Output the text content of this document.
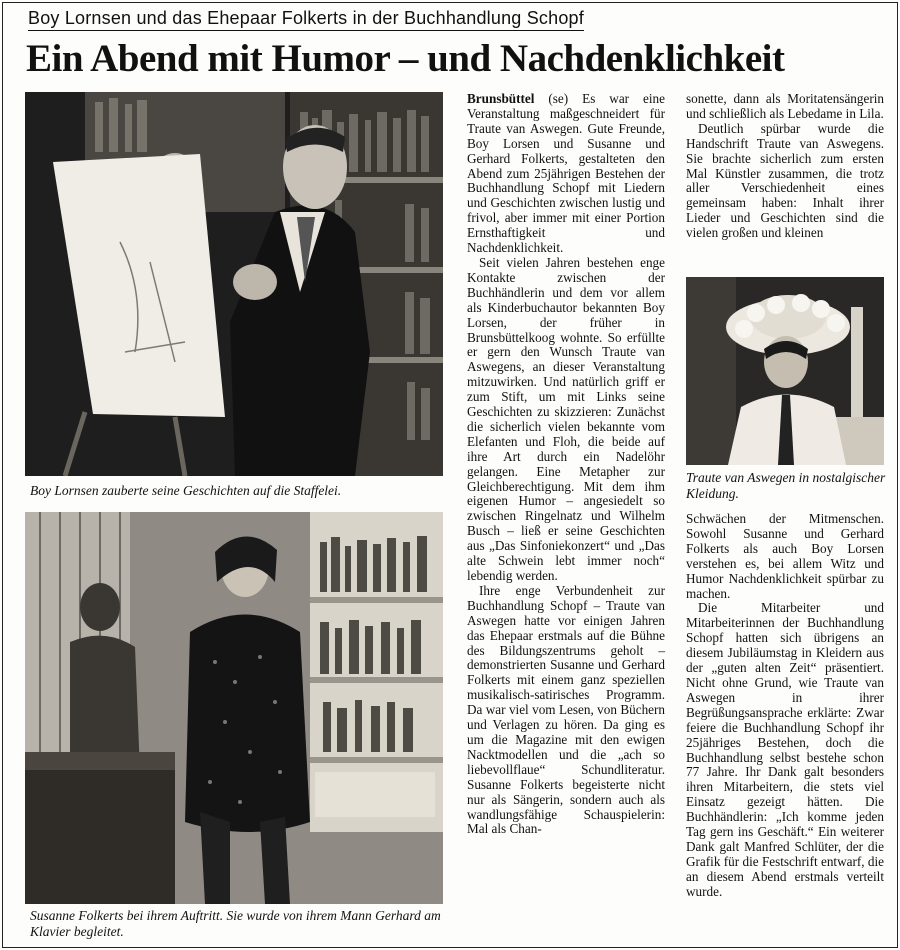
Boy Lornsen und das Ehepaar Folkerts in der Buchhandlung Schopf
Ein Abend mit Humor – und Nachdenklichkeit
Boy Lornsen zauberte seine Geschichten auf die Staffelei.
Susanne Folkerts bei ihrem Auftritt. Sie wurde von ihrem Mann Gerhard am Klavier begleitet.
Traute van Aswegen in nostalgischer Kleidung.

Brunsbüttel (se) Es war eine Veranstaltung maßgeschneidert für Traute van Aswegen. Gute Freunde, Boy Lorsen und Susanne und Gerhard Folkerts, gestalteten den Abend zum 25jährigen Bestehen der Buchhandlung Schopf mit Liedern und Geschichten zwischen lustig und frivol, aber immer mit einer Portion Ernsthaftigkeit und Nachdenklichkeit.

Seit vielen Jahren bestehen enge Kontakte zwischen der Buchhändlerin und dem vor allem als Kinderbuchautor bekannten Boy Lorsen, der früher in Brunsbüttelkoog wohnte. So erfüllte er gern den Wunsch Traute van Aswegens, an dieser Veranstaltung mitzuwirken. Und natürlich griff er zum Stift, um mit Links seine Geschichten zu skizzieren: Zunächst die sicherlich vielen bekannte vom Elefanten und Floh, die beide auf ihre Art durch ein Nadelöhr gelangen. Eine Metapher zur Gleichberechtigung. Mit dem ihm eigenen Humor – angesiedelt so zwischen Ringelnatz und Wilhelm Busch – ließ er seine Geschichten aus „Das Sinfoniekonzert“ und „Das alte Schwein lebt immer noch“ lebendig werden.

Ihre enge Verbundenheit zur Buchhandlung Schopf – Traute van Aswegen hatte vor einigen Jahren das Ehepaar erstmals auf die Bühne des Bildungszentrums geholt – demonstrierten Susanne und Gerhard Folkerts mit einem ganz speziellen musikalisch-satirisches Programm. Da war viel vom Lesen, von Büchern und Verlagen zu hören. Da ging es um die Magazine mit den ewigen Nacktmodellen und die „ach so liebevollflaue“ Schundliteratur. Susanne Folkerts begeisterte nicht nur als Sängerin, sondern auch als wandlungsfähige Schauspielerin: Mal als Chan-

sonette, dann als Moritatensängerin und schließlich als Lebedame in Lila.

Deutlich spürbar wurde die Handschrift Traute van Aswegens. Sie brachte sicherlich zum ersten Mal Künstler zusammen, die trotz aller Verschiedenheit eines gemeinsam haben: Inhalt ihrer Lieder und Geschichten sind die vielen großen und kleinen

Schwächen der Mitmenschen. Sowohl Susanne und Gerhard Folkerts als auch Boy Lorsen verstehen es, bei allem Witz und Humor Nachdenklichkeit spürbar zu machen.

Die Mitarbeiter und Mitarbeiterinnen der Buchhandlung Schopf hatten sich übrigens an diesem Jubiläumstag in Kleidern aus der „guten alten Zeit“ präsentiert. Nicht ohne Grund, wie Traute van Aswegen in ihrer Begrüßungsansprache erklärte: Zwar feiere die Buchhandlung Schopf ihr 25jähriges Bestehen, doch die Buchhandlung selbst bestehe schon 77 Jahre. Ihr Dank galt besonders ihren Mitarbeitern, die stets viel Einsatz gezeigt hätten. Die Buchhändlerin: „Ich komme jeden Tag gern ins Geschäft.“ Ein weiterer Dank galt Manfred Schlüter, der die Grafik für die Festschrift entwarf, die an diesem Abend erstmals verteilt wurde.
